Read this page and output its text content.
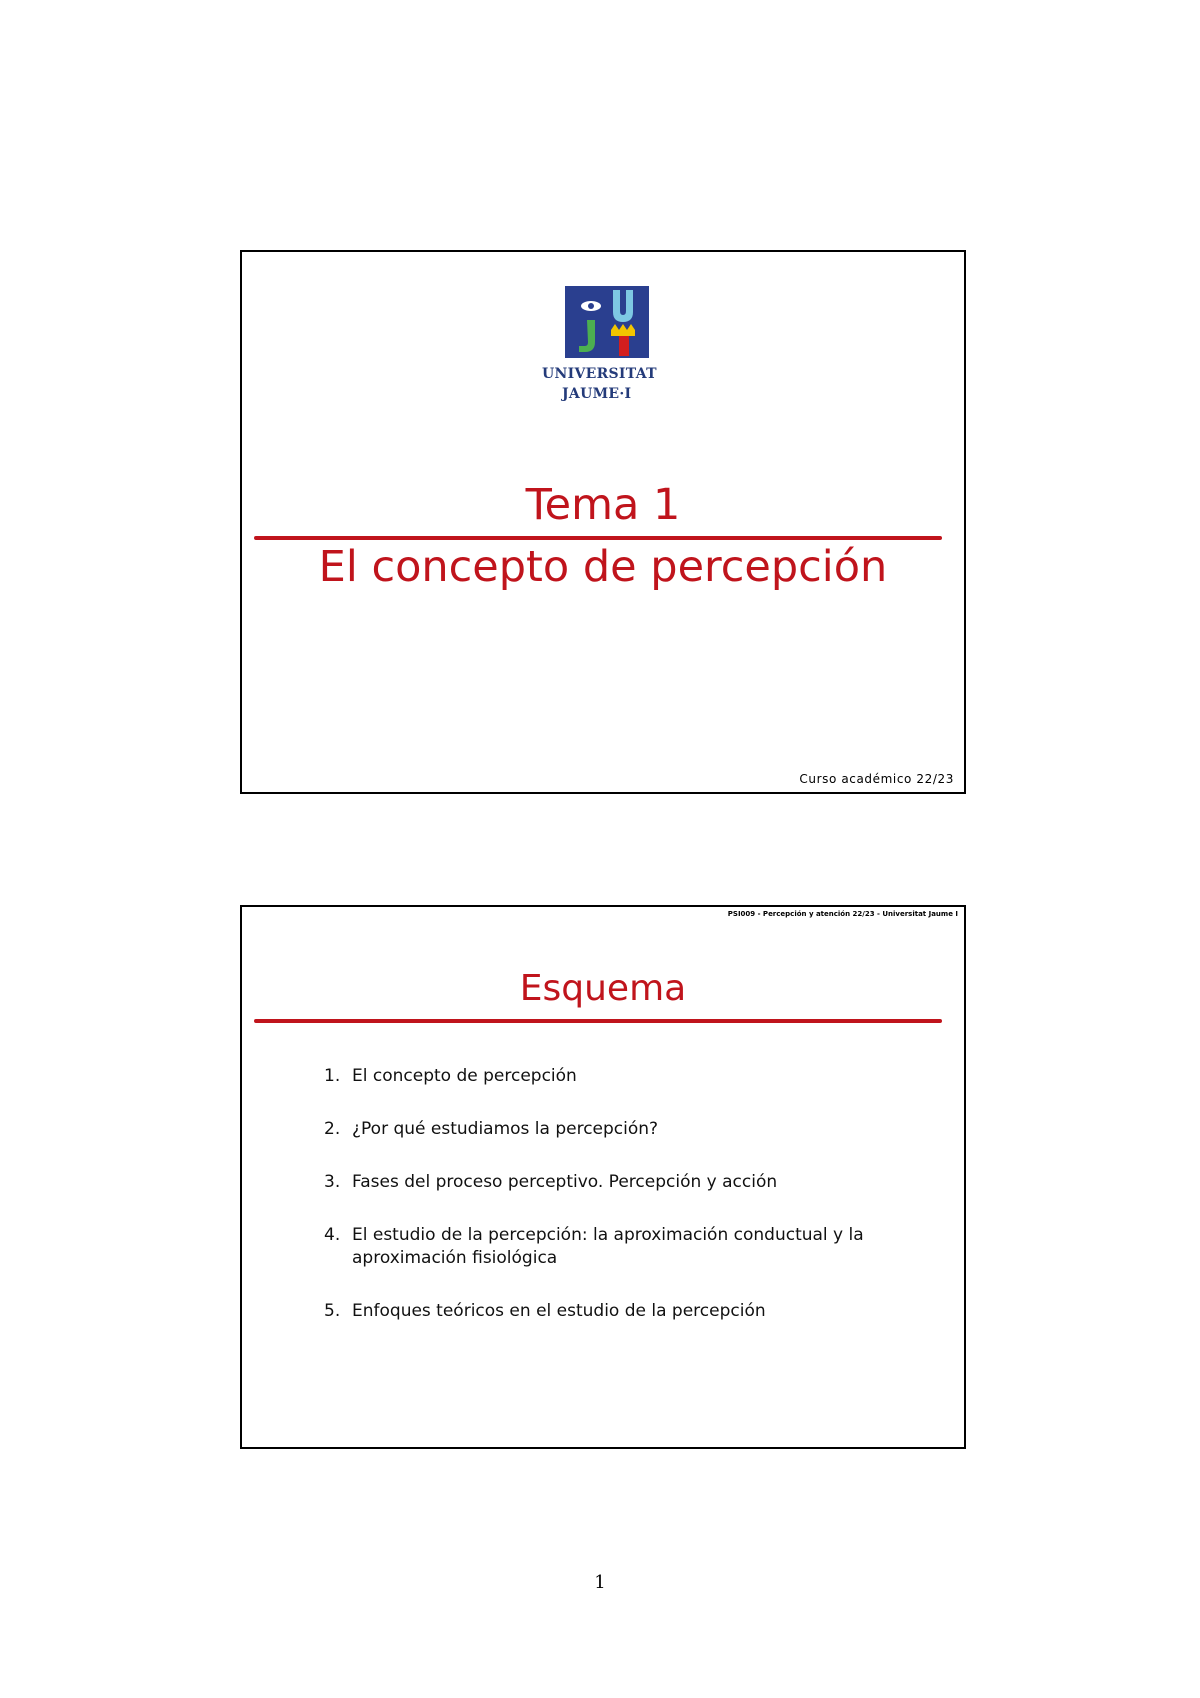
UNIVERSITAT
JAUME·I
Tema 1
El concepto de percepción
Curso académico 22/23
PSI009 - Percepción y atención 22/23 - Universitat Jaume I
Esquema
1. El concepto de percepción
2. ¿Por qué estudiamos la percepción?
3. Fases del proceso perceptivo. Percepción y acción
4. El estudio de la percepción: la aproximación conductual y la aproximación fisiológica
5. Enfoques teóricos en el estudio de la percepción
1
